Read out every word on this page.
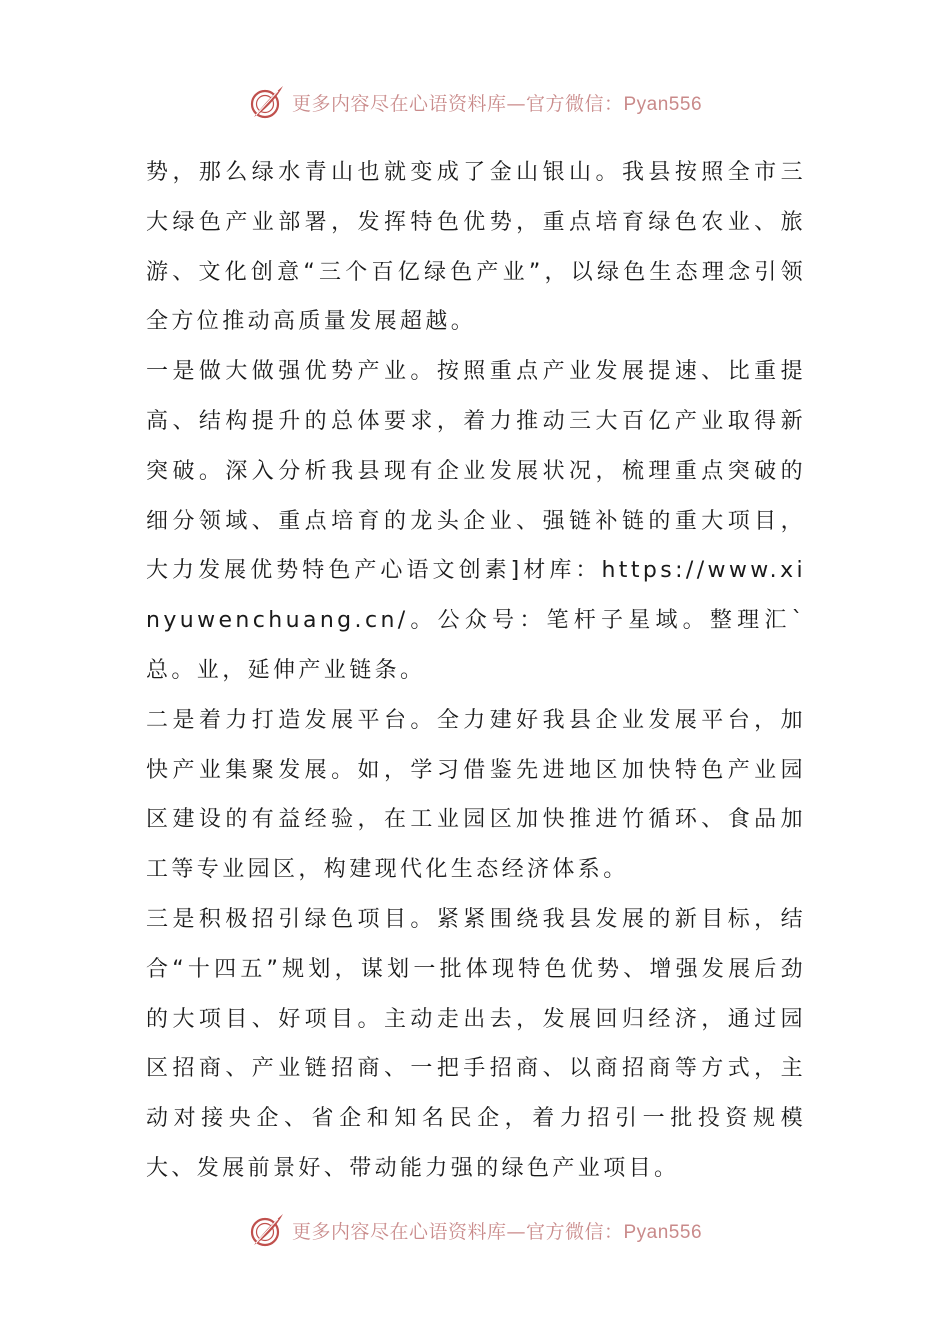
更多内容尽在心语资料库—官方微信：Pyan556

势，那么绿水青山也就变成了金山银山。我县按照全市三大绿色产业部署，发挥特色优势，重点培育绿色农业、旅游、文化创意“三个百亿绿色产业”，以绿色生态理念引领全方位推动高质量发展超越。

一是做大做强优势产业。按照重点产业发展提速、比重提高、结构提升的总体要求，着力推动三大百亿产业取得新突破。深入分析我县现有企业发展状况，梳理重点突破的细分领域、重点培育的龙头企业、强链补链的重大项目，大力发展优势特色产心语文创素]材库：https://www.xinyuwenchuang.cn/。公众号：笔杆子星域。整理汇`总。业，延伸产业链条。

二是着力打造发展平台。全力建好我县企业发展平台，加快产业集聚发展。如，学习借鉴先进地区加快特色产业园区建设的有益经验，在工业园区加快推进竹循环、食品加工等专业园区，构建现代化生态经济体系。

三是积极招引绿色项目。紧紧围绕我县发展的新目标，结合“十四五”规划，谋划一批体现特色优势、增强发展后劲的大项目、好项目。主动走出去，发展回归经济，通过园区招商、产业链招商、一把手招商、以商招商等方式，主动对接央企、省企和知名民企，着力招引一批投资规模大、发展前景好、带动能力强的绿色产业项目。

更多内容尽在心语资料库—官方微信：Pyan556
